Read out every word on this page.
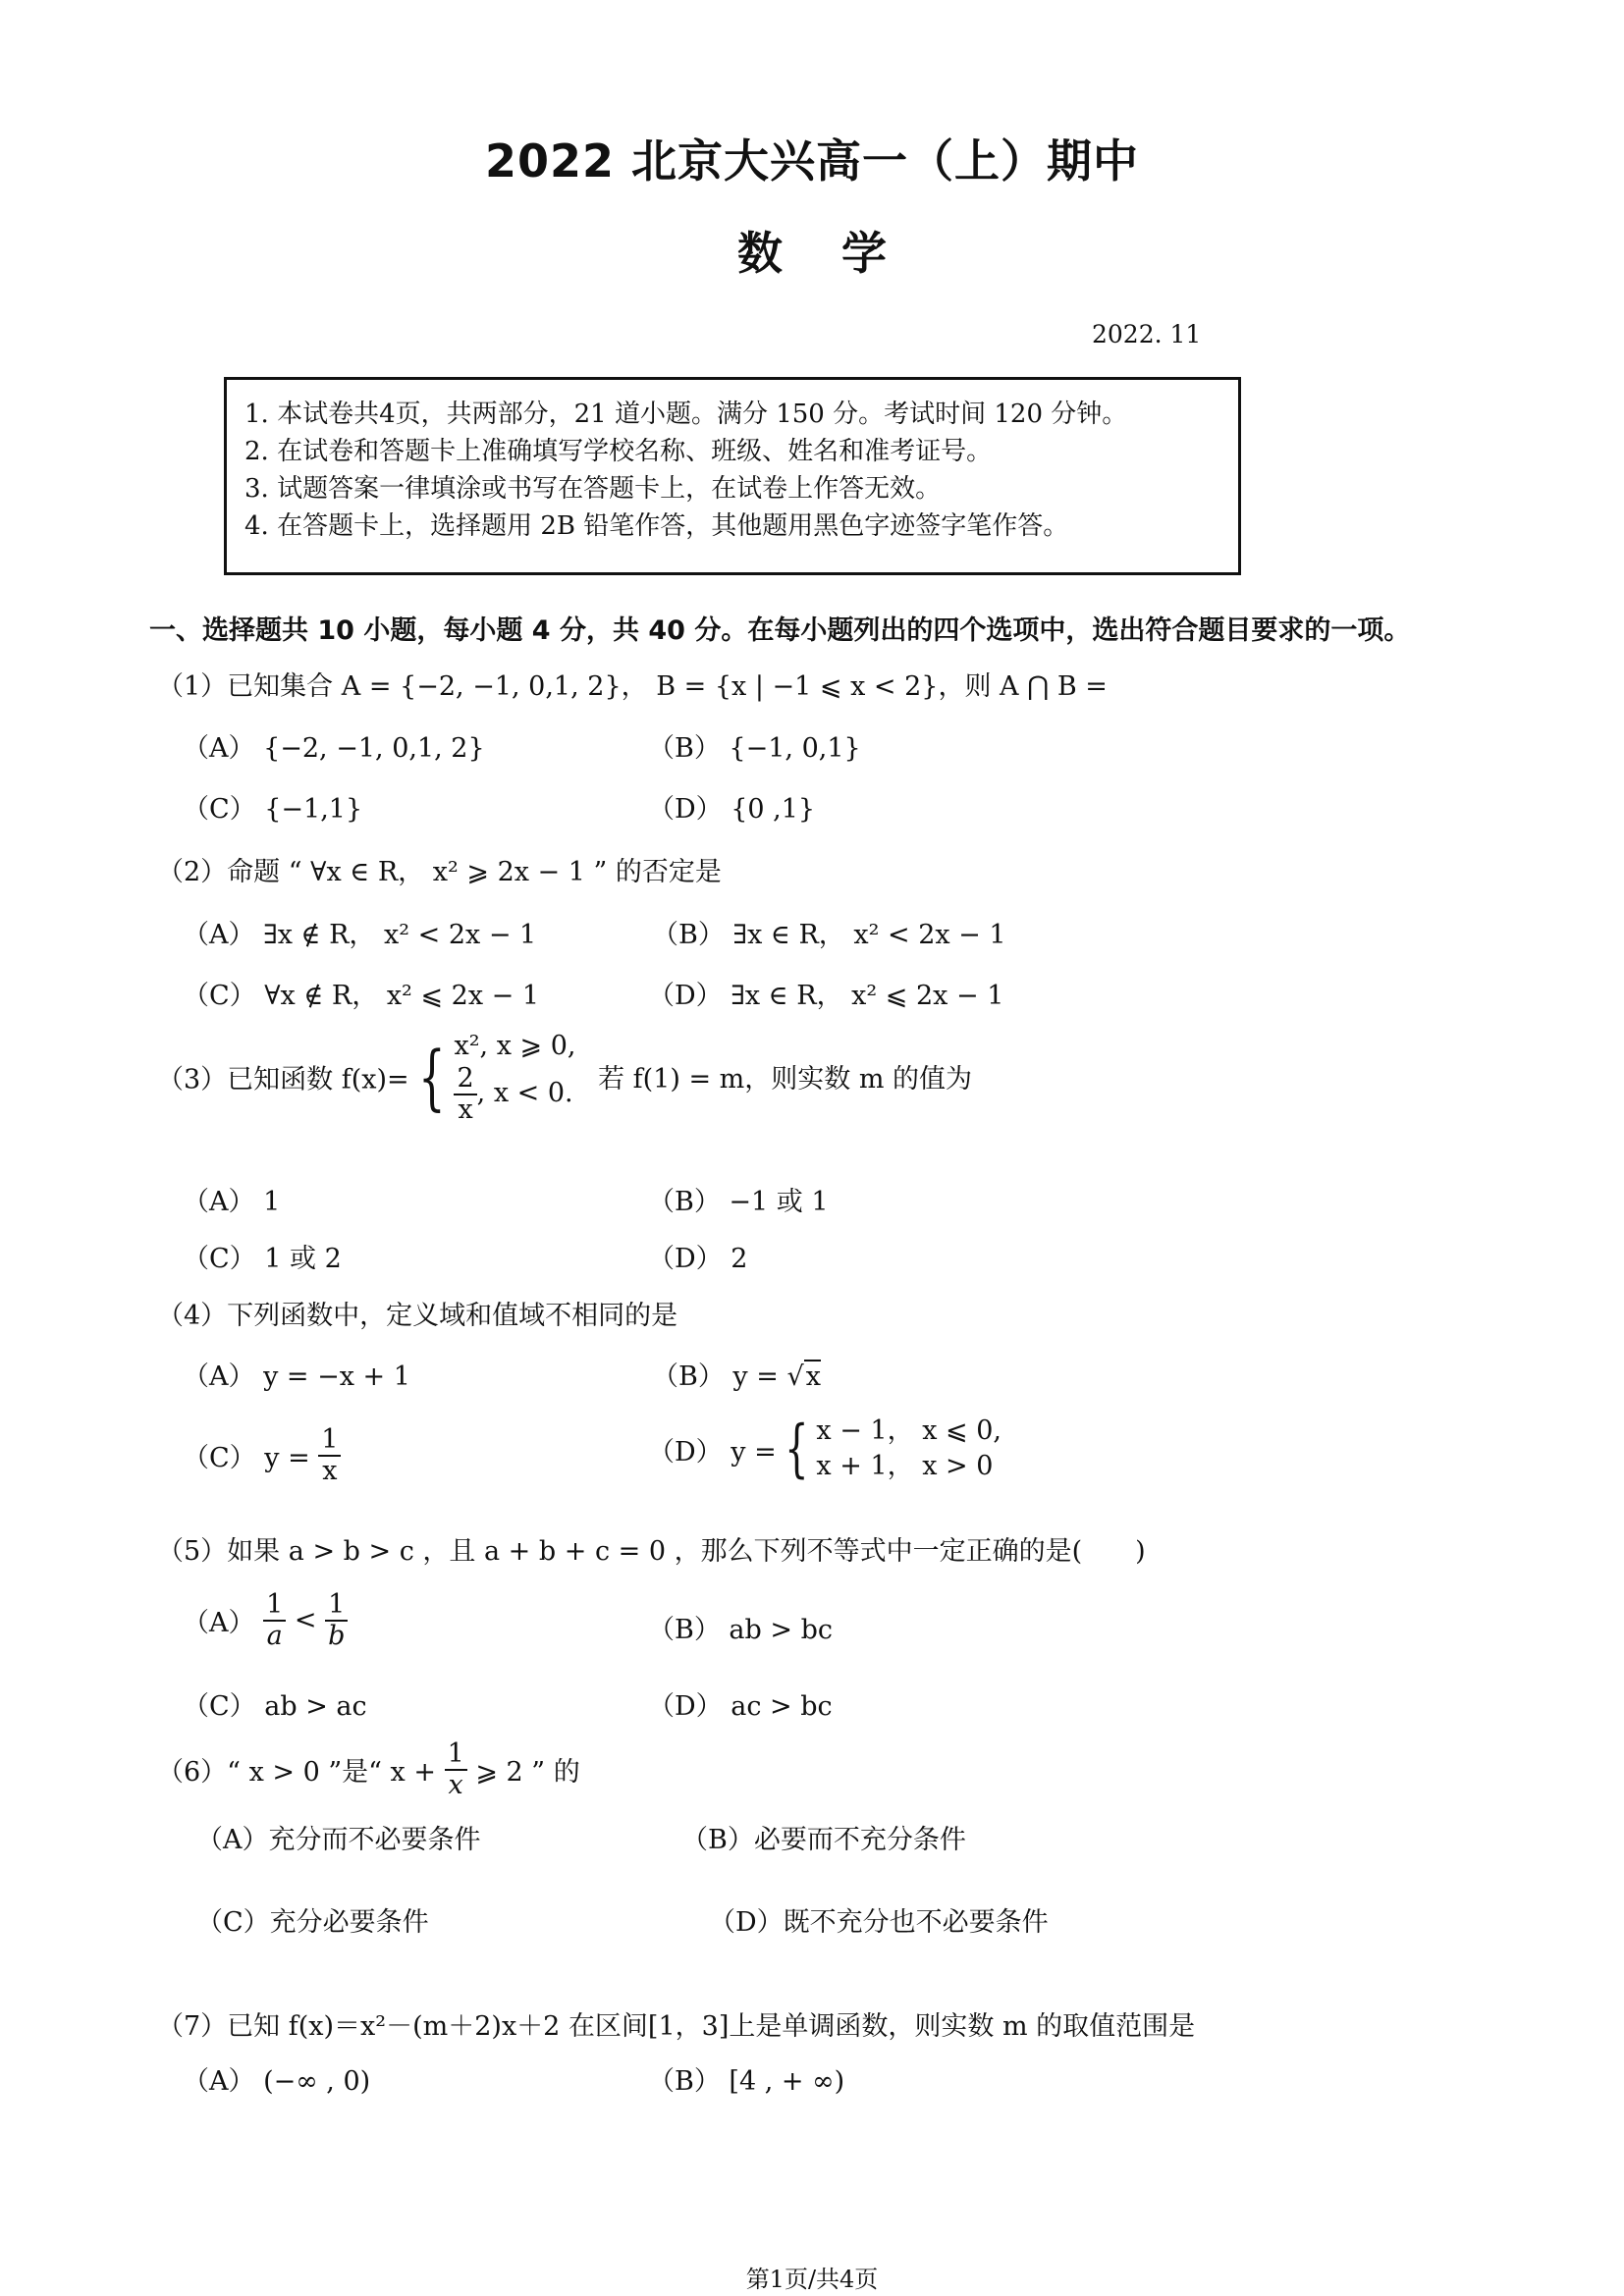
2022 北京大兴高一（上）期中
数学
2022. 11
1. 本试卷共4页，共两部分，21 道小题。满分 150 分。考试时间 120 分钟。
2. 在试卷和答题卡上准确填写学校名称、班级、姓名和准考证号。
3. 试题答案一律填涂或书写在答题卡上，在试卷上作答无效。
4. 在答题卡上，选择题用 2B 铅笔作答，其他题用黑色字迹签字笔作答。
一、选择题共 10 小题，每小题 4 分，共 40 分。在每小题列出的四个选项中，选出符合题目要求的一项。
（1）已知集合 A = {−2, −1, 0,1, 2}， B = {x | −1 ⩽ x < 2}，则 A ⋂ B =
（A） {−2, −1, 0,1, 2}	（B） {−1, 0,1}
（C） {−1,1}	（D） {0 ,1}
（2）命题 “ ∀x ∈ R， x² ⩾ 2x − 1 ” 的否定是
（A） ∃x ∉ R， x² < 2x − 1	（B） ∃x ∈ R， x² < 2x − 1
（C） ∀x ∉ R， x² ⩽ 2x − 1	（D） ∃x ∈ R， x² ⩽ 2x − 1
（3）已知函数 f(x)= { x², x ⩾ 0,
$\frac{2}{x}$ , x < 0. 若 f(1) = m，则实数 m 的值为
（A） 1	（B） −1 或 1
（C） 1 或 2	（D） 2
（4）下列函数中，定义域和值域不相同的是
（A） y = −x + 1	（B） y = √x
（C） $y = \frac{1}{x}$	（D） y = { x − 1， x ⩽ 0,
x + 1， x > 0
（5）如果 a > b > c ，且 a + b + c = 0 ，那么下列不等式中一定正确的是(　　)
$(A) \frac{1}{a} < \frac{1}{b}$	（B） ab > bc
（C） ab > ac	（D） ac > bc
（6）“ x > 0 ”是“ $x + \frac{1}{x}$ ⩾ 2 ” 的
（A）充分而不必要条件	（B）必要而不充分条件
（C）充分必要条件	（D）既不充分也不必要条件
（7）已知 f(x)＝x²－(m＋2)x＋2 在区间[1，3]上是单调函数，则实数 m 的取值范围是
（A） (−∞ , 0)	（B） [4 , + ∞)
第1页/共4页
